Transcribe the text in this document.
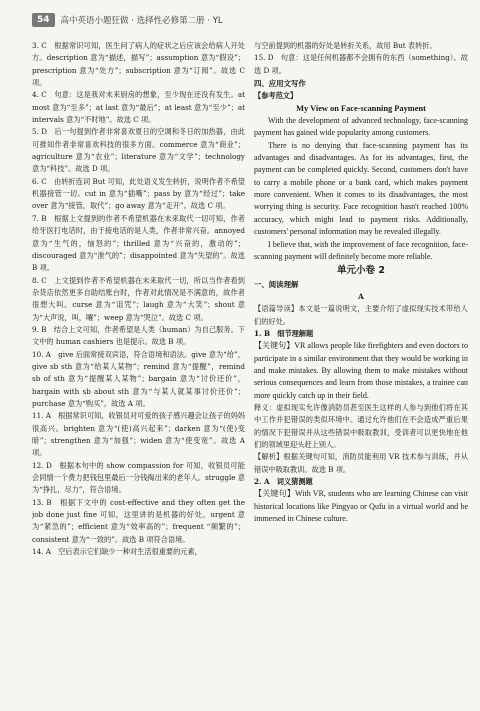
54	高中英语小题狂做 · 选择性必修第二册 · YL

3. C　根据常识可知，医生问了病人的症状之后应该会给病人开处方。description 意为“描述，描写”；assumption 意为“假设”；prescription 意为“处方”；subscription 意为“订阅”。故选 C 项。

4. C　句意：这是我对未来厨房的想象，至少现在还没有发生。at most 意为“至多”；at last 意为“最后”；at least 意为“至少”；at intervals 意为“不时地”。故选 C 项。

5. D　后一句提到作者非常喜欢夏日的空调和冬日的加热器，由此可推知作者非常喜欢科技的很多方面。commerce 意为“商业”；agriculture 意为“农业”；literature 意为“文学”；technology 意为“科技”。故选 D 项。

6. C　由转折连词 But 可知，此处语义发生转折，说明作者不希望机器接管一切。cut in 意为“插嘴”；pass by 意为“经过”；take over 意为“接管，取代”；go away 意为“走开”。故选 C 项。

7. B　根据上文提到的作者不希望机器在未来取代一切可知，作者给牙医打电话时，由于接电话的是人类，作者非常兴奋。annoyed 意为“生气的，恼怒的”；thrilled 意为“兴奋的，激动的”；discouraged 意为“泄气的”；disappointed 意为“失望的”。故选 B 项。

8. C　上文提到作者不希望机器在未来取代一切，所以当作者看到杂货店依然更多自助结账台时，作者对此情况是不满意的，故作者很想大叫。curse 意为“诅咒”；laugh 意为“大笑”；shout 意为“大声说，叫，嚷”；weep 意为“哭泣”。故选 C 项。

9. B　结合上文可知，作者希望是人类（human）为自己服务。下文中的 human cashiers 也是提示。故选 B 项。

10. A　give 后面常接双宾语，符合语境和语法。give 意为“给”，give sb sth 意为“给某人某物”；remind 意为“提醒”，remind sb of sth 意为“提醒某人某物”；bargain 意为“讨价还价”，bargain with sb about sth 意为“与某人就某事讨价还价”；purchase 意为“购买”。故选 A 项。

11. A　根据常识可知，收银员对可爱的孩子感兴趣会让孩子的妈妈很高兴。brighten 意为“(使)高兴起来”；darken 意为“(使)变暗”；strengthen 意为“加强”；widen 意为“使变宽”。故选 A 项。

12. D　根据本句中的 show compassion for 可知，收银员可能会同情一个费力把钱包里最后一分钱掏出来的老年人。struggle 意为“挣扎，尽力”，符合语境。

13. B　根据下文中的 cost-effective and they often get the job done just fine 可知，这里讲的是机器的好处。urgent 意为“紧急的”；efficient 意为“效率高的”；frequent “频繁的”；consistent 意为“一致的”。故选 B 项符合语境。

14. A　空后表示它们缺少一种对生活很重要的元素，

与空前提到的机器的好处是转折关系，故用 But 表转折。

15. D　句意：这是任何机器都不会拥有的东西（something）。故选 D 项。

四、应用文写作

【参考范文】

My View on Face-scanning Payment

With the development of advanced technology, face-scanning payment has gained wide popularity among customers.

There is no denying that face-scanning payment has its advantages and disadvantages. As for its advantages, first, the payment can be completed quickly. Second, customers don't have to carry a mobile phone or a bank card, which makes payment more convenient. When it comes to its disadvantages, the most worrying thing is security. Face recognition hasn't reached 100% accuracy, which might lead to payment risks. Additionally, customers' personal information may be revealed illegally.

I believe that, with the improvement of face recognition, face-scanning payment will definitely become more reliable.

单元小卷 2

一、阅读理解

A

【语篇导读】本文是一篇说明文，主要介绍了虚拟现实技术带给人们的好处。

1. B　细节理解题

【关键句】VR allows people like firefighters and even doctors to participate in a similar environment that they would be working in and make mistakes. By allowing them to make mistakes without serious consequences and learn from those mistakes, a trainee can more quickly catch up in their field.

释义：虚拟现实允许像消防员甚至医生这样的人参与到他们将在其中工作并犯错误的类似环境中。通过允许他们在不会造成严重后果的情况下犯错误并从这些错误中吸取教训，受训者可以更快地在他们的领域里迎头赶上别人。

【解析】根据关键句可知，消防员能利用 VR 技术参与训练，并从错误中吸取教训。故选 B 项。

2. A　词义猜测题

【关键句】With VR, students who are learning Chinese can visit historical locations like Pingyao or Qufu in a virtual world and be immersed in Chinese culture.
